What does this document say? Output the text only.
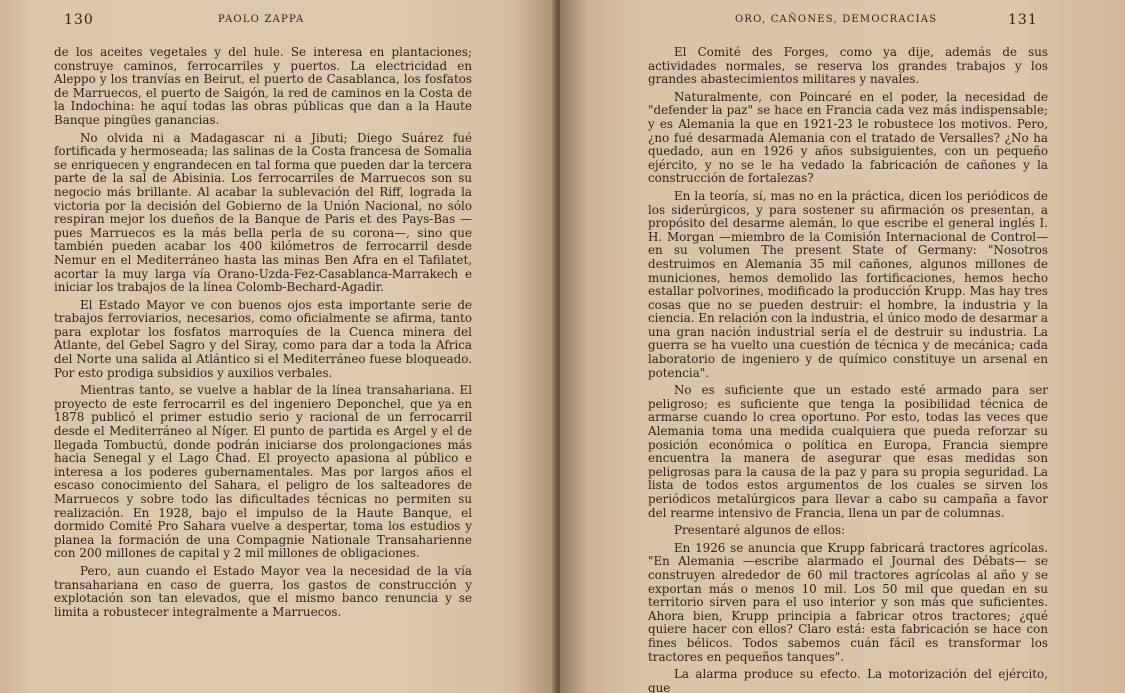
130	PAOLO ZAPPA

de los aceites vegetales y del hule. Se interesa en plantaciones; construye caminos, ferrocarriles y puertos. La electricidad en Aleppo y los tranvías en Beirut, el puerto de Casablanca, los fosfatos de Marruecos, el puerto de Saigón, la red de caminos en la Costa de la Indochina: he aquí todas las obras públicas que dan a la Haute Banque pingües ganancias.

No olvida ni a Madagascar ni a Jibuti; Diego Suárez fué fortificada y hermoseada; las salinas de la Costa francesa de Somalia se enriquecen y engrandecen en tal forma que pueden dar la tercera parte de la sal de Abisinia. Los ferrocarriles de Marruecos son su negocio más brillante. Al acabar la sublevación del Riff, lograda la victoria por la decisión del Gobierno de la Unión Nacional, no sólo respiran mejor los dueños de la Banque de Paris et des Pays-Bas —pues Marruecos es la más bella perla de su corona—, sino que también pueden acabar los 400 kilómetros de ferrocarril desde Nemur en el Mediterráneo hasta las minas Ben Afra en el Tafilatet, acortar la muy larga vía Orano-Uzda-Fez-Casablanca-Marrakech e iniciar los trabajos de la línea Colomb-Bechard-Agadir.

El Estado Mayor ve con buenos ojos esta importante serie de trabajos ferroviarios, necesarios, como oficialmente se afirma, tanto para explotar los fosfatos marroquíes de la Cuenca minera del Atlante, del Gebel Sagro y del Siray, como para dar a toda la Africa del Norte una salida al Atlántico si el Mediterráneo fuese bloqueado. Por esto prodiga subsidios y auxilios verbales.

Mientras tanto, se vuelve a hablar de la línea transahariana. El proyecto de este ferrocarril es del ingeniero Deponchel, que ya en 1878 publicó el primer estudio serio y racional de un ferrocarril desde el Mediterráneo al Níger. El punto de partida es Argel y el de llegada Tombuctú, donde podrán iniciarse dos prolongaciones más hacia Senegal y el Lago Chad. El proyecto apasiona al público e interesa a los poderes gubernamentales. Mas por largos años el escaso conocimiento del Sahara, el peligro de los salteadores de Marruecos y sobre todo las dificultades técnicas no permiten su realización. En 1928, bajo el impulso de la Haute Banque, el dormido Comité Pro Sahara vuelve a despertar, toma los estudios y planea la formación de una Compagnie Nationale Transaharienne con 200 millones de capital y 2 mil millones de obligaciones.

Pero, aun cuando el Estado Mayor vea la necesidad de la vía transahariana en caso de guerra, los gastos de construcción y explotación son tan elevados, que el mismo banco renuncia y se limita a robustecer integralmente a Marruecos.

ORO, CAÑONES, DEMOCRACIAS	131

El Comité des Forges, como ya dije, además de sus actividades normales, se reserva los grandes trabajos y los grandes abastecimientos militares y navales.

Naturalmente, con Poincaré en el poder, la necesidad de "defender la paz" se hace en Francia cada vez más indispensable; y es Alemania la que en 1921-23 le robustece los motivos. Pero, ¿no fué desarmada Alemania con el tratado de Versalles? ¿No ha quedado, aun en 1926 y años subsiguientes, con un pequeño ejército, y no se le ha vedado la fabricación de cañones y la construcción de fortalezas?

En la teoría, sí, mas no en la práctica, dicen los periódicos de los siderúrgicos, y para sostener su afirmación os presentan, a propósito del desarme alemán, lo que escribe el general inglés I. H. Morgan —miembro de la Comisión Internacional de Control— en su volumen The present State of Germany: "Nosotros destruimos en Alemania 35 mil cañones, algunos millones de municiones, hemos demolido las fortificaciones, hemos hecho estallar polvorines, modificado la producción Krupp. Mas hay tres cosas que no se pueden destruir: el hombre, la industria y la ciencia. En relación con la industria, el único modo de desarmar a una gran nación industrial sería el de destruir su industria. La guerra se ha vuelto una cuestión de técnica y de mecánica; cada laboratorio de ingeniero y de químico constituye un arsenal en potencia".

No es suficiente que un estado esté armado para ser peligroso; es suficiente que tenga la posibilidad técnica de armarse cuando lo crea oportuno. Por esto, todas las veces que Alemania toma una medida cualquiera que pueda reforzar su posición económica o política en Europa, Francia siempre encuentra la manera de asegurar que esas medidas son peligrosas para la causa de la paz y para su propia seguridad. La lista de todos estos argumentos de los cuales se sirven los periódicos metalúrgicos para llevar a cabo su campaña a favor del rearme intensivo de Francia, llena un par de columnas.

Presentaré algunos de ellos:

En 1926 se anuncia que Krupp fabricará tractores agrícolas. "En Alemania —escribe alarmado el Journal des Débats— se construyen alrededor de 60 mil tractores agrícolas al año y se exportan más o menos 10 mil. Los 50 mil que quedan en su territorio sirven para el uso interior y son más que suficientes. Ahora bien, Krupp principia a fabricar otros tractores; ¿qué quiere hacer con ellos? Claro está: esta fabricación se hace con fines bélicos. Todos sabemos cuán fácil es transformar los tractores en pequeños tanques".

La alarma produce su efecto. La motorización del ejército, que
